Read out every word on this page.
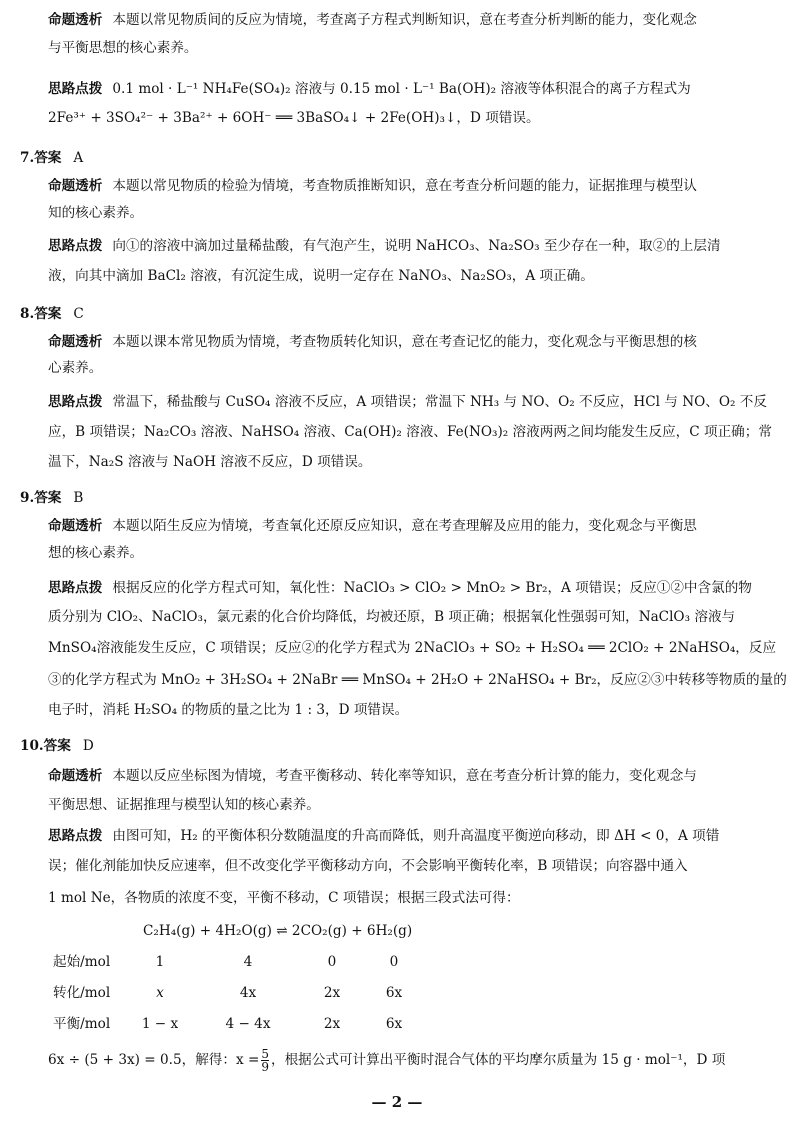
命题透析 本题以常见物质间的反应为情境，考查离子方程式判断知识，意在考查分析判断的能力，变化观念
与平衡思想的核心素养。
思路点拨 0.1 mol · L⁻¹ NH₄Fe(SO₄)₂ 溶液与 0.15 mol · L⁻¹ Ba(OH)₂ 溶液等体积混合的离子方程式为
2Fe³⁺ + 3SO₄²⁻ + 3Ba²⁺ + 6OH⁻ ══ 3BaSO₄↓ + 2Fe(OH)₃↓，D 项错误。
7.答案 A
命题透析 本题以常见物质的检验为情境，考查物质推断知识，意在考查分析问题的能力，证据推理与模型认
知的核心素养。
思路点拨 向①的溶液中滴加过量稀盐酸，有气泡产生，说明 NaHCO₃、Na₂SO₃ 至少存在一种，取②的上层清
液，向其中滴加 BaCl₂ 溶液，有沉淀生成，说明一定存在 NaNO₃、Na₂SO₃，A 项正确。
8.答案 C
命题透析 本题以课本常见物质为情境，考查物质转化知识，意在考查记忆的能力，变化观念与平衡思想的核
心素养。
思路点拨 常温下，稀盐酸与 CuSO₄ 溶液不反应，A 项错误；常温下 NH₃ 与 NO、O₂ 不反应，HCl 与 NO、O₂ 不反
应，B 项错误；Na₂CO₃ 溶液、NaHSO₄ 溶液、Ca(OH)₂ 溶液、Fe(NO₃)₂ 溶液两两之间均能发生反应，C 项正确；常
温下，Na₂S 溶液与 NaOH 溶液不反应，D 项错误。
9.答案 B
命题透析 本题以陌生反应为情境，考查氧化还原反应知识，意在考查理解及应用的能力，变化观念与平衡思
想的核心素养。
思路点拨 根据反应的化学方程式可知，氧化性：NaClO₃ > ClO₂ > MnO₂ > Br₂，A 项错误；反应①②中含氯的物
质分别为 ClO₂、NaClO₃，氯元素的化合价均降低，均被还原，B 项正确；根据氧化性强弱可知，NaClO₃ 溶液与
MnSO₄溶液能发生反应，C 项错误；反应②的化学方程式为 2NaClO₃ + SO₂ + H₂SO₄ ══ 2ClO₂ + 2NaHSO₄，反应
③的化学方程式为 MnO₂ + 3H₂SO₄ + 2NaBr ══ MnSO₄ + 2H₂O + 2NaHSO₄ + Br₂，反应②③中转移等物质的量的
电子时，消耗 H₂SO₄ 的物质的量之比为 1 : 3，D 项错误。
10.答案 D
命题透析 本题以反应坐标图为情境，考查平衡移动、转化率等知识，意在考查分析计算的能力，变化观念与
平衡思想、证据推理与模型认知的核心素养。
思路点拨 由图可知，H₂ 的平衡体积分数随温度的升高而降低，则升高温度平衡逆向移动，即 ΔH < 0，A 项错
误；催化剂能加快反应速率，但不改变化学平衡移动方向，不会影响平衡转化率，B 项错误；向容器中通入
1 mol Ne，各物质的浓度不变，平衡不移动，C 项错误；根据三段式法可得：
C₂H₄(g) + 4H₂O(g) ⇌ 2CO₂(g) + 6H₂(g)
起始/mol	1	4	0	0
转化/mol	x	4x	2x	6x
平衡/mol	1 − x	4 − 4x	2x	6x
6x ÷ (5 + 3x) = 0.5，解得：$x = \frac{5}{9}$ ，根据公式可计算出平衡时混合气体的平均摩尔质量为 15 g · mol⁻¹，D 项
— 2 —
